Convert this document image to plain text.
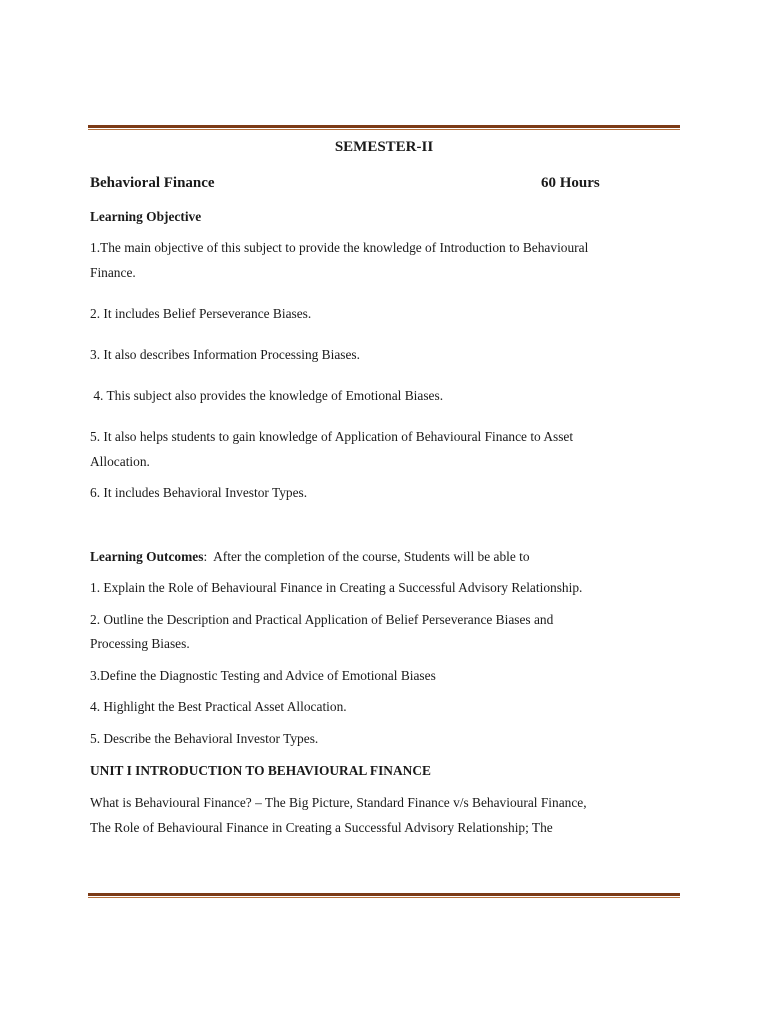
SEMESTER-II
Behavioral Finance	60 Hours
Learning Objective
1.The main objective of this subject to provide the knowledge of Introduction to Behavioural
Finance.
2. It includes Belief Perseverance Biases.
3. It also describes Information Processing Biases.
4. This subject also provides the knowledge of Emotional Biases.
5. It also helps students to gain knowledge of Application of Behavioural Finance to Asset
Allocation.
6. It includes Behavioral Investor Types.
Learning Outcomes:  After the completion of the course, Students will be able to
1. Explain the Role of Behavioural Finance in Creating a Successful Advisory Relationship.
2. Outline the Description and Practical Application of Belief Perseverance Biases and
Processing Biases.
3.Define the Diagnostic Testing and Advice of Emotional Biases
4. Highlight the Best Practical Asset Allocation.
5. Describe the Behavioral Investor Types.
UNIT I INTRODUCTION TO BEHAVIOURAL FINANCE
What is Behavioural Finance? – The Big Picture, Standard Finance v/s Behavioural Finance,
The Role of Behavioural Finance in Creating a Successful Advisory Relationship; The
